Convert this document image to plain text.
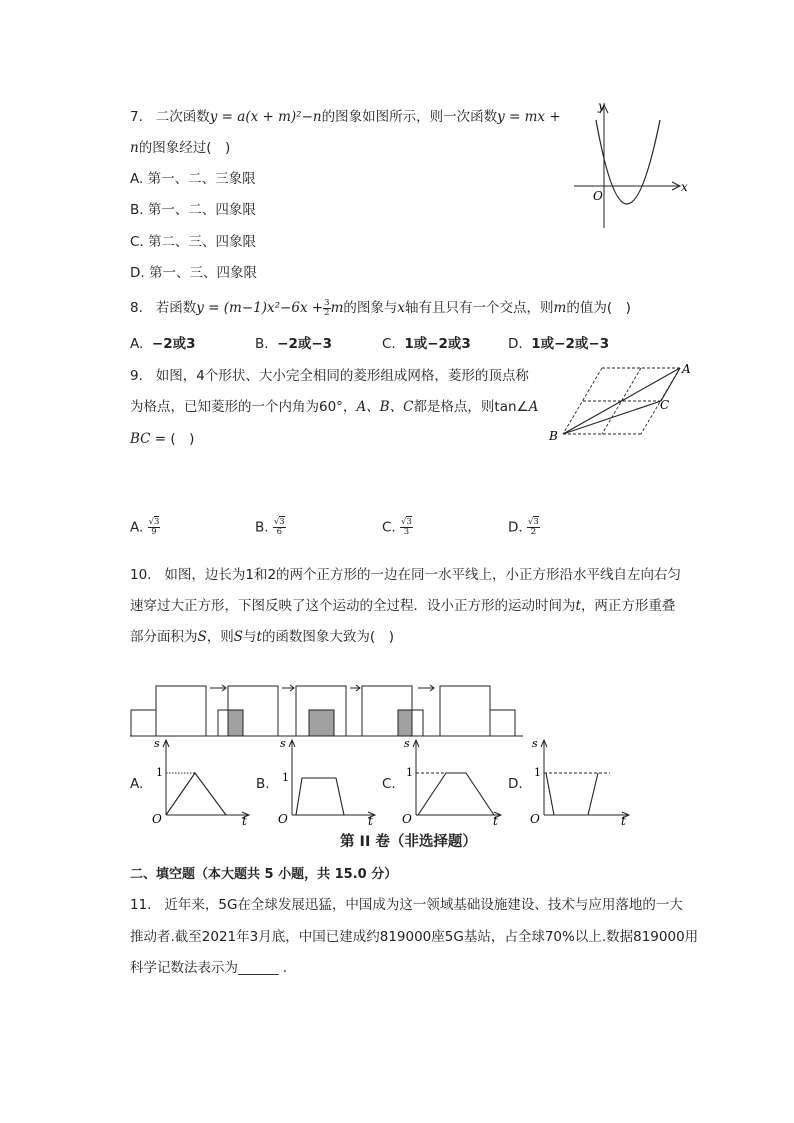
7. 二次函数y = a(x + m)²−n的图象如图所示，则一次函数y = mx +
n的图象经过(　)
A. 第一、二、三象限
B. 第一、二、四象限
C. 第二、三、四象限
D. 第一、三、四象限
y
x
O
8. 若函数$y = (m-1)x^2-6x + \frac{3}{2}$ m的图象与x轴有且只有一个交点，则m的值为(　)
A. −2或3	B. −2或−3	C. 1或−2或3	D. 1或−2或−3
9. 如图，4个形状、大小完全相同的菱形组成网格，菱形的顶点称
为格点，已知菱形的一个内角为60°，A、B、C都是格点，则tan∠A
BC = (　)
A
B
C
A. $\frac{√3}{9}$	B. $\frac{√3}{6}$	C. $\frac{√3}{3}$	D. $\frac{√3}{2}$
10. 如图，边长为1和2的两个正方形的一边在同一水平线上，小正方形沿水平线自左向右匀
速穿过大正方形，下图反映了这个运动的全过程．设小正方形的运动时间为t，两正方形重叠
部分面积为S，则S与t的函数图象大致为(　)
A.	B.	C.	D.
s
1
O	t
s
1
O	t
s
1
O	t
s
1
O	t
第 II 卷（非选择题）
二、填空题（本大题共 5 小题，共 15.0 分）
11. 近年来，5G在全球发展迅猛，中国成为这一领域基础设施建设、技术与应用落地的一大
推动者.截至2021年3月底，中国已建成约819000座5G基站，占全球70%以上.数据819000用
科学记数法表示为______ .
